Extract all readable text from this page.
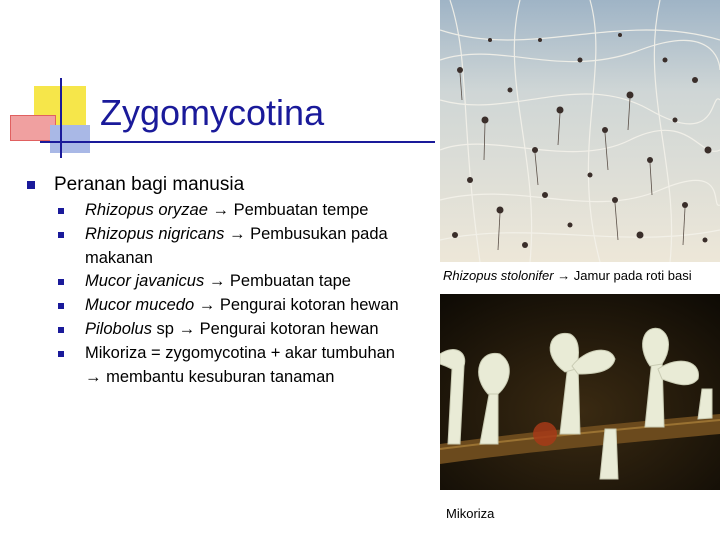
Zygomycotina
Peranan bagi manusia
Rhizopus oryzae → Pembuatan tempe
Rhizopus nigricans → Pembusukan pada makanan
Mucor javanicus → Pembuatan tape
Mucor mucedo → Pengurai kotoran hewan
Pilobolus sp → Pengurai kotoran hewan
Mikoriza = zygomycotina + akar tumbuhan → membantu kesuburan tanaman
Rhizopus stolonifer → Jamur pada roti basi
Mikoriza
